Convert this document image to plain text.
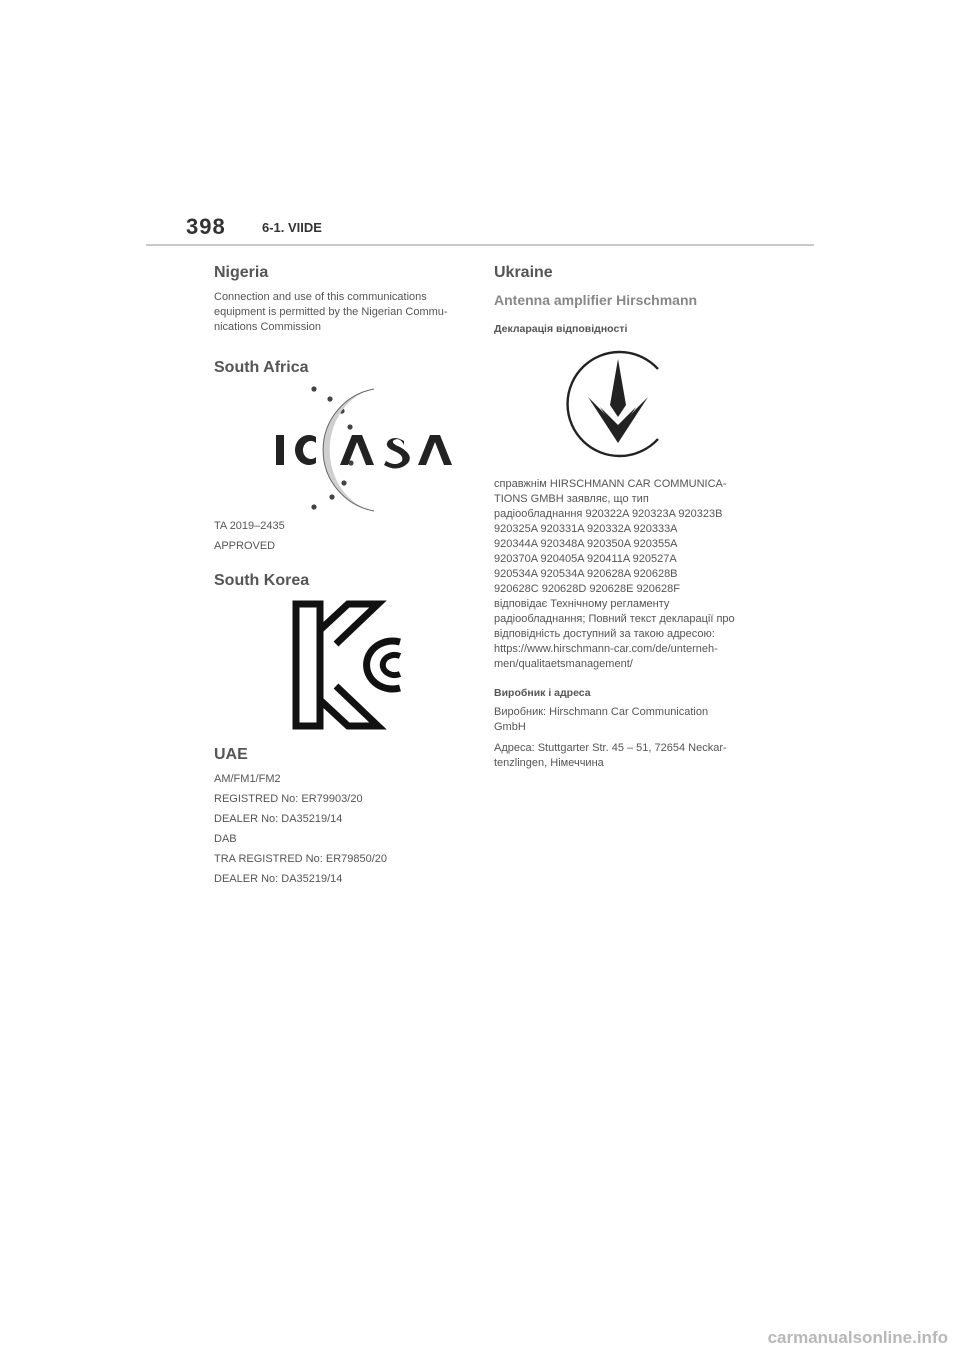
398	6-1. VIIDE
Nigeria
Connection and use of this communications
equipment is permitted by the Nigerian Commu-
nications Commission
South Africa
TA 2019–2435
APPROVED
South Korea
UAE
AM/FM1/FM2
REGISTRED No: ER79903/20
DEALER No: DA35219/14
DAB
TRA REGISTRED No: ER79850/20
DEALER No: DA35219/14
Ukraine
Antenna amplifier Hirschmann
Декларація відповідності
справжнім HIRSCHMANN CAR COMMUNICA-
TIONS GMBH заявляє, що тип
радіообладнання 920322A 920323A 920323B
920325A 920331A 920332A 920333A
920344A 920348A 920350A 920355A
920370A 920405A 920411A 920527A
920534A 920534A 920628A 920628B
920628C 920628D 920628E 920628F
відповідає Технічному регламенту
радіообладнання; Повний текст декларації про
відповідність доступний за такою адресою:
https://www.hirschmann-car.com/de/unterneh-
men/qualitaetsmanagement/
Виробник і адреса
Виробник: Hirschmann Car Communication
GmbH
Адреса: Stuttgarter Str. 45 – 51, 72654 Neckar-
tenzlingen, Німеччина
carmanualsonline.info
